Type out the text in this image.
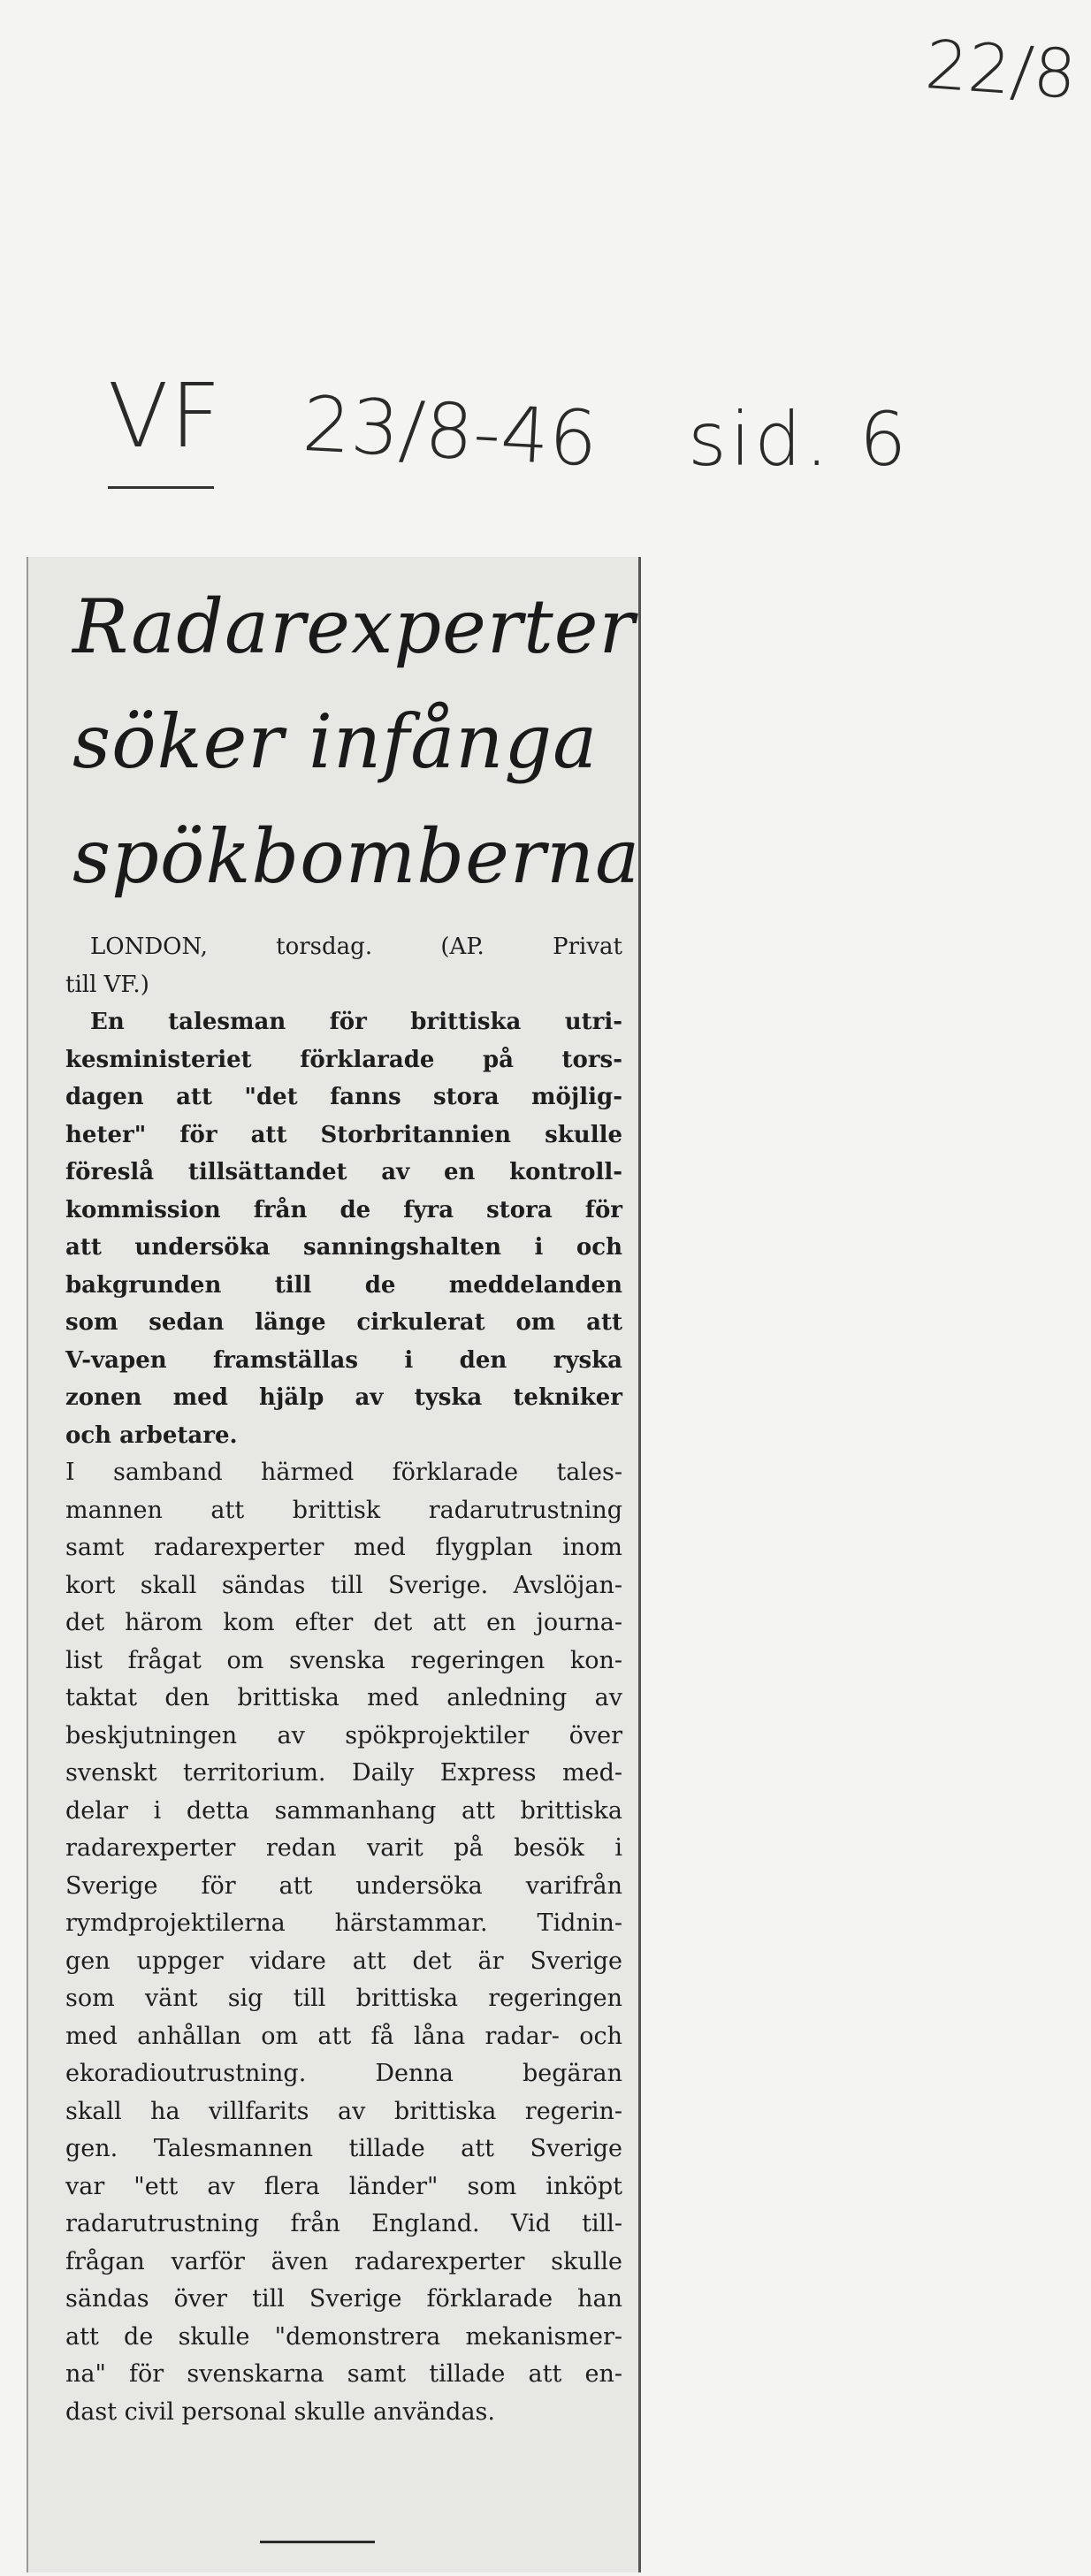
22/8
VF 23/8-46 sid. 6
Radarexperter
söker infånga
spökbomberna
LONDON, torsdag. (AP. Privat
till VF.)
En talesman för brittiska utri-
kesministeriet förklarade på tors-
dagen att "det fanns stora möjlig-
heter" för att Storbritannien skulle
föreslå tillsättandet av en kontroll-
kommission från de fyra stora för
att undersöka sanningshalten i och
bakgrunden till de meddelanden
som sedan länge cirkulerat om att
V-vapen framställas i den ryska
zonen med hjälp av tyska tekniker
och arbetare.
I samband härmed förklarade tales-
mannen att brittisk radarutrustning
samt radarexperter med flygplan inom
kort skall sändas till Sverige. Avslöjan-
det härom kom efter det att en journa-
list frågat om svenska regeringen kon-
taktat den brittiska med anledning av
beskjutningen av spökprojektiler över
svenskt territorium. Daily Express med-
delar i detta sammanhang att brittiska
radarexperter redan varit på besök i
Sverige för att undersöka varifrån
rymdprojektilerna härstammar. Tidnin-
gen uppger vidare att det är Sverige
som vänt sig till brittiska regeringen
med anhållan om att få låna radar- och
ekoradioutrustning. Denna begäran
skall ha villfarits av brittiska regerin-
gen. Talesmannen tillade att Sverige
var "ett av flera länder" som inköpt
radarutrustning från England. Vid till-
frågan varför även radarexperter skulle
sändas över till Sverige förklarade han
att de skulle "demonstrera mekanismer-
na" för svenskarna samt tillade att en-
dast civil personal skulle användas.
